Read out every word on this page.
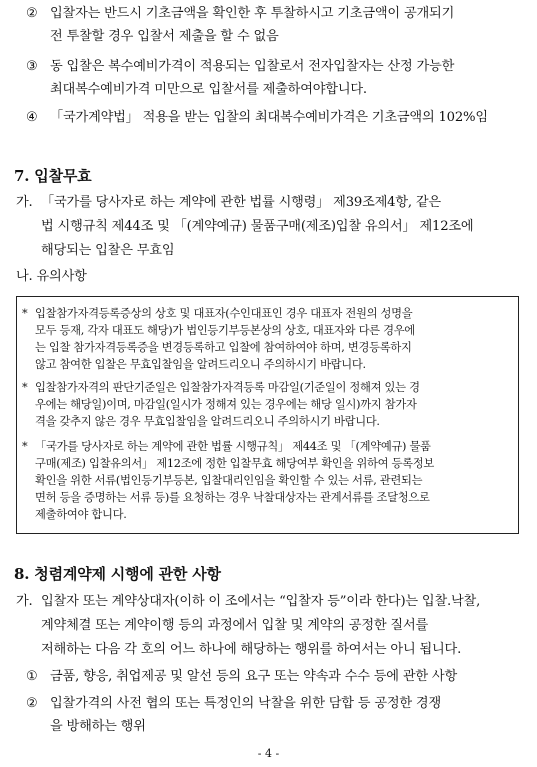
② 입찰자는 반드시 기초금액을 확인한 후 투찰하시고 기초금액이 공개되기
전 투찰할 경우 입찰서 제출을 할 수 없음
③ 동 입찰은 복수예비가격이 적용되는 입찰로서 전자입찰자는 산정 가능한
최대복수예비가격 미만으로 입찰서를 제출하여야합니다.
④ 「국가계약법」 적용을 받는 입찰의 최대복수예비가격은 기초금액의 102%임
7. 입찰무효
가. 「국가를 당사자로 하는 계약에 관한 법률 시행령」 제39조제4항, 같은
법 시행규칙 제44조 및 「(계약예규) 물품구매(제조)입찰 유의서」 제12조에
해당되는 입찰은 무효임
나. 유의사항
* 입찰참가자격등록증상의 상호 및 대표자(수인대표인 경우 대표자 전원의 성명을
모두 등재, 각자 대표도 해당)가 법인등기부등본상의 상호, 대표자와 다른 경우에
는 입찰 참가자격등록증을 변경등록하고 입찰에 참여하여야 하며, 변경등록하지
않고 참여한 입찰은 무효입찰임을 알려드리오니 주의하시기 바랍니다.
* 입찰참가자격의 판단기준일은 입찰참가자격등록 마감일(기준일이 정해져 있는 경
우에는 해당일)이며, 마감일(일시가 정해져 있는 경우에는 해당 일시)까지 참가자
격을 갖추지 않은 경우 무효입찰임을 알려드리오니 주의하시기 바랍니다.
* 「국가를 당사자로 하는 계약에 관한 법률 시행규칙」 제44조 및 「(계약예규) 물품
구매(제조) 입찰유의서」 제12조에 정한 입찰무효 해당여부 확인을 위하여 등록정보
확인을 위한 서류(법인등기부등본, 입찰대리인임을 확인할 수 있는 서류, 관련되는
면허 등을 증명하는 서류 등)를 요청하는 경우 낙찰대상자는 관계서류를 조달청으로
제출하여야 합니다.
8. 청렴계약제 시행에 관한 사항
가. 입찰자 또는 계약상대자(이하 이 조에서는 “입찰자 등”이라 한다)는 입찰.낙찰,
계약체결 또는 계약이행 등의 과정에서 입찰 및 계약의 공정한 질서를
저해하는 다음 각 호의 어느 하나에 해당하는 행위를 하여서는 아니 됩니다.
① 금품, 향응, 취업제공 및 알선 등의 요구 또는 약속과 수수 등에 관한 사항
② 입찰가격의 사전 협의 또는 특정인의 낙찰을 위한 담합 등 공정한 경쟁
을 방해하는 행위
- 4 -
